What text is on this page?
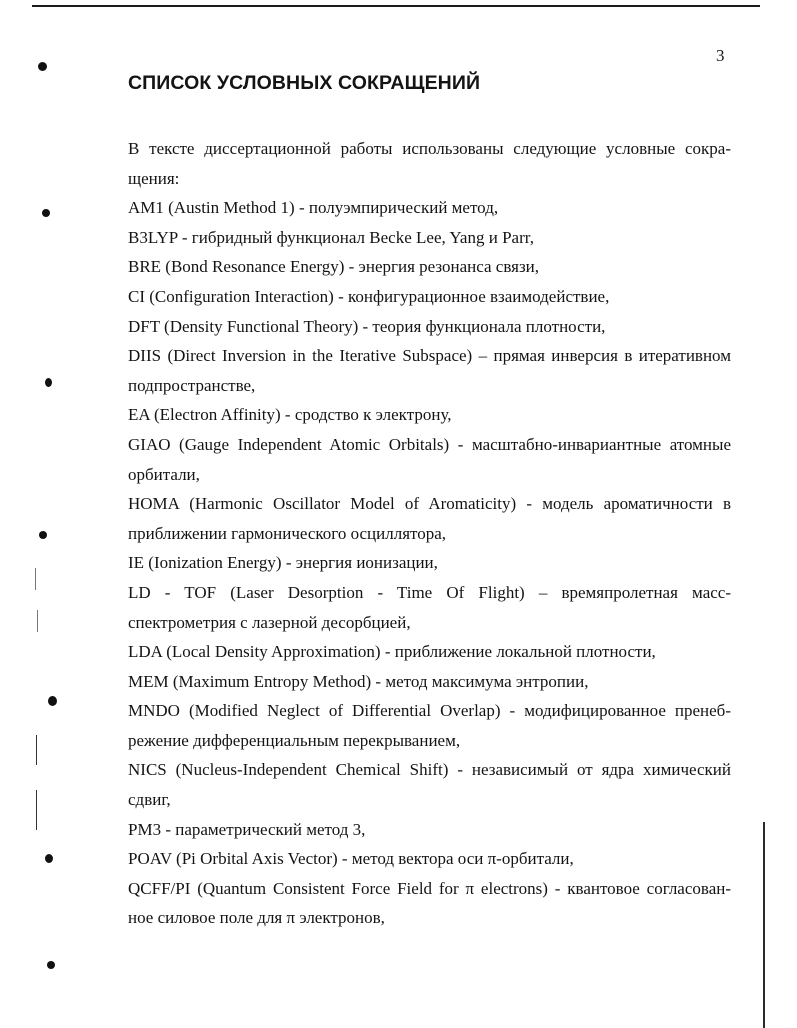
3
СПИСОК УСЛОВНЫХ СОКРАЩЕНИЙ
В тексте диссертационной работы использованы следующие условные сокра-
щения:
AM1 (Austin Method 1) - полуэмпирический метод,
B3LYP - гибридный функционал Becke Lee, Yang и Parr,
BRE (Bond Resonance Energy) - энергия резонанса связи,
CI (Configuration Interaction) - конфигурационное взаимодействие,
DFT (Density Functional Theory) - теория функционала плотности,
DIIS (Direct Inversion in the Iterative Subspace) – прямая инверсия в итеративном
подпространстве,
EA (Electron Affinity) - сродство к электрону,
GIAO (Gauge Independent Atomic Orbitals) - масштабно-инвариантные атомные
орбитали,
HOMA (Harmonic Oscillator Model of Aromaticity) - модель ароматичности в
приближении гармонического осциллятора,
IE (Ionization Energy) - энергия ионизации,
LD - TOF (Laser Desorption - Time Of Flight) – времяпролетная масс-
спектрометрия с лазерной десорбцией,
LDA (Local Density Approximation) - приближение локальной плотности,
MEM (Maximum Entropy Method) - метод максимума энтропии,
MNDO (Modified Neglect of Differential Overlap) - модифицированное пренеб-
режение дифференциальным перекрыванием,
NICS (Nucleus-Independent Chemical Shift) - независимый от ядра химический
сдвиг,
PM3 - параметрический метод 3,
POAV (Pi Orbital Axis Vector) - метод вектора оси π-орбитали,
QCFF/PI (Quantum Consistent Force Field for π electrons) - квантовое согласован-
ное силовое поле для π электронов,
